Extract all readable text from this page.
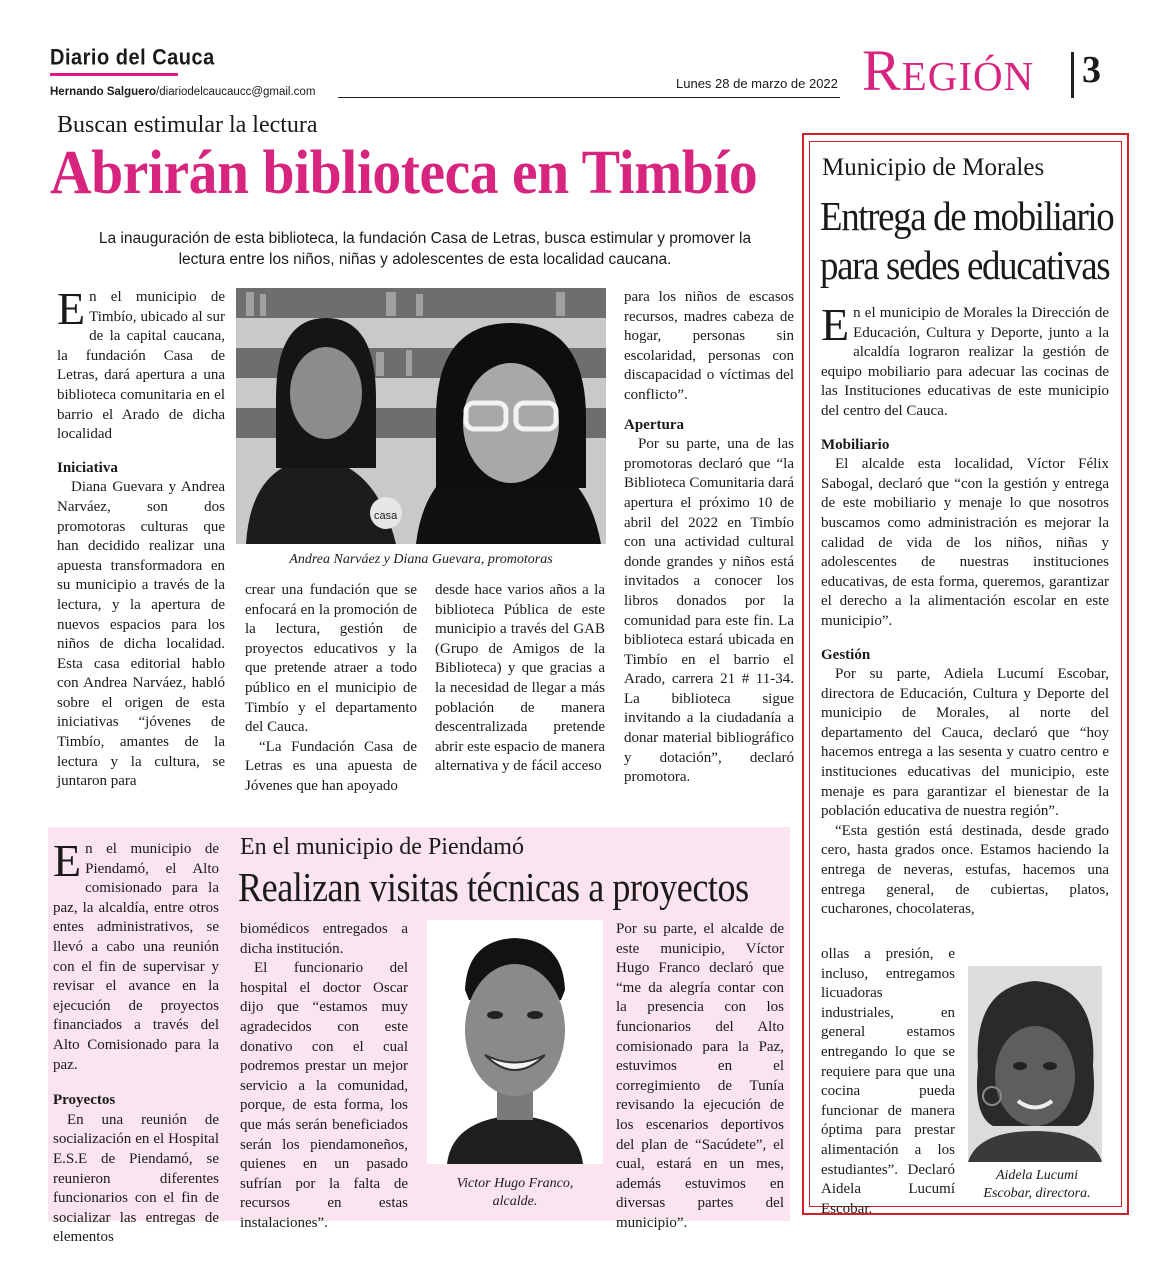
Diario del Cauca
Hernando Salguero/diariodelcaucaucc@gmail.com
Lunes 28 de marzo de 2022 Región 3
Buscan estimular la lectura
Abrirán biblioteca en Timbío
La inauguración de esta biblioteca, la fundación Casa de Letras, busca estimular y promover la lectura entre los niños, niñas y adolescentes de esta localidad caucana.

En el municipio de Timbío, ubicado al sur de la capital caucana, la fundación Casa de Letras, dará apertura a una biblioteca comunitaria en el barrio el Arado de dicha localidad

Iniciativa

Diana Guevara y Andrea Narváez, son dos promotoras culturas que han decidido realizar una apuesta transformadora en su municipio a través de la lectura, y la apertura de nuevos espacios para los niños de dicha localidad. Esta casa editorial hablo con Andrea Narváez, habló sobre el origen de esta iniciativas “jóvenes de Timbío, amantes de la lectura y la cultura, se juntaron para

casa
Andrea Narváez y Diana Guevara, promotoras

crear una fundación que se enfocará en la promoción de la lectura, gestión de proyectos educativos y la que pretende atraer a todo público en el municipio de Timbío y el departamento del Cauca.

“La Fundación Casa de Letras es una apuesta de Jóvenes que han apoyado

desde hace varios años a la biblioteca Pública de este municipio a través del GAB (Grupo de Amigos de la Biblioteca) y que gracias a la necesidad de llegar a más población de manera descentralizada pretende abrir este espacio de manera alternativa y de fácil acceso

para los niños de escasos recursos, madres cabeza de hogar, personas sin escolaridad, personas con discapacidad o víctimas del conflicto”.

Apertura

Por su parte, una de las promotoras declaró que “la Biblioteca Comunitaria dará apertura el próximo 10 de abril del 2022 en Timbío con una actividad cultural donde grandes y niños está invitados a conocer los libros donados por la comunidad para este fin. La biblioteca estará ubicada en Timbío en el barrio el Arado, carrera 21 # 11-34. La biblioteca sigue invitando a la ciudadanía a donar material bibliográfico y dotación”, declaró promotora.

Municipio de Morales
Entrega de mobiliario
para sedes educativas

En el municipio de Morales la Dirección de Educación, Cultura y Deporte, junto a la alcaldía lograron realizar la gestión de equipo mobiliario para adecuar las cocinas de las Instituciones educativas de este municipio del centro del Cauca.

Mobiliario

El alcalde esta localidad, Víctor Félix Sabogal, declaró que “con la gestión y entrega de este mobiliario y menaje lo que nosotros buscamos como administración es mejorar la calidad de vida de los niños, niñas y adolescentes de nuestras instituciones educativas, de esta forma, queremos, garantizar el derecho a la alimentación escolar en este municipio”.

Gestión

Por su parte, Adiela Lucumí Escobar, directora de Educación, Cultura y Deporte del municipio de Morales, al norte del departamento del Cauca, declaró que “hoy hacemos entrega a las sesenta y cuatro centro e instituciones educativas del municipio, este menaje es para garantizar el bienestar de la población educativa de nuestra región”.

“Esta gestión está destinada, desde grado cero, hasta grados once. Estamos haciendo la entrega de neveras, estufas, hacemos una entrega general, de cubiertas, platos, cucharones, chocolateras,

ollas a presión, e incluso, entregamos licuadoras industriales, en general estamos entregando lo que se requiere para que una cocina pueda funcionar de manera óptima para prestar alimentación a los estudiantes”. Declaró Aidela Lucumí Escobar.

Aidela Lucumi
Escobar, directora.
En el municipio de Piendamó
Realizan visitas técnicas a proyectos

En el municipio de Piendamó, el Alto comisionado para la paz, la alcaldía, entre otros entes administrativos, se llevó a cabo una reunión con el fin de supervisar y revisar el avance en la ejecución de proyectos financiados a través del Alto Comisionado para la paz.

Proyectos

En una reunión de socialización en el Hospital E.S.E de Piendamó, se reunieron diferentes funcionarios con el fin de socializar las entregas de elementos

biomédicos entregados a dicha institución.

El funcionario del hospital el doctor Oscar dijo que “estamos muy agradecidos con este donativo con el cual podremos prestar un mejor servicio a la comunidad, porque, de esta forma, los que más serán beneficiados serán los piendamoneños, quienes en un pasado sufrían por la falta de recursos en estas instalaciones”.

Victor Hugo Franco,
alcalde.

Por su parte, el alcalde de este municipio, Víctor Hugo Franco declaró que “me da alegría contar con la presencia con los funcionarios del Alto comisionado para la Paz, estuvimos en el corregimiento de Tunía revisando la ejecución de los escenarios deportivos del plan de “Sacúdete”, el cual, estará en un mes, además estuvimos en diversas partes del municipio”.
